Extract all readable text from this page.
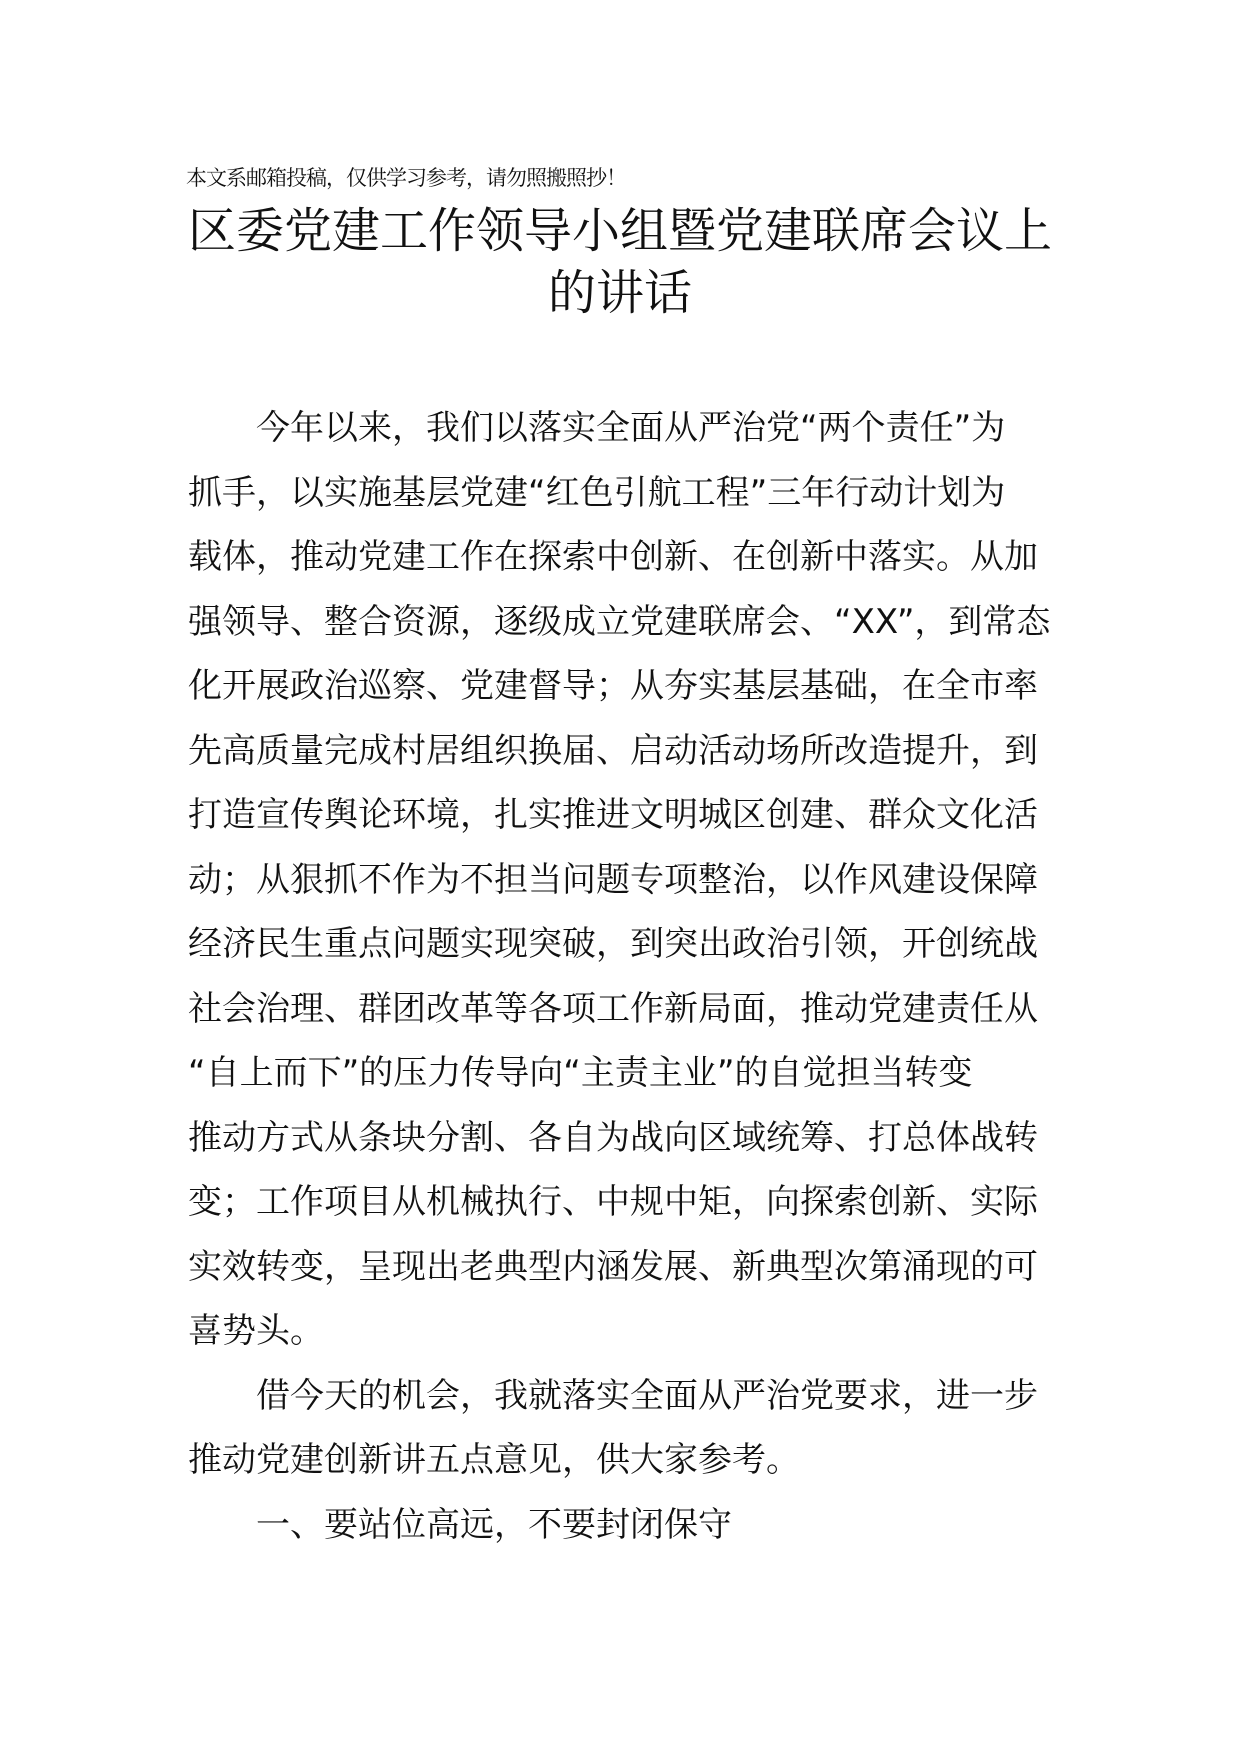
本文系邮箱投稿，仅供学习参考，请勿照搬照抄！
区委党建工作领导小组暨党建联席会议上
的讲话
今年以来，我们以落实全面从严治党“两个责任”为
抓手，以实施基层党建“红色引航工程”三年行动计划为
载体，推动党建工作在探索中创新、在创新中落实。从加
强领导、整合资源，逐级成立党建联席会、“XX”，到常态
化开展政治巡察、党建督导；从夯实基层基础，在全市率
先高质量完成村居组织换届、启动活动场所改造提升，到
打造宣传舆论环境，扎实推进文明城区创建、群众文化活
动；从狠抓不作为不担当问题专项整治，以作风建设保障
经济民生重点问题实现突破，到突出政治引领，开创统战
社会治理、群团改革等各项工作新局面，推动党建责任从
“自上而下”的压力传导向“主责主业”的自觉担当转变
推动方式从条块分割、各自为战向区域统筹、打总体战转
变；工作项目从机械执行、中规中矩，向探索创新、实际
实效转变，呈现出老典型内涵发展、新典型次第涌现的可
喜势头。
借今天的机会，我就落实全面从严治党要求，进一步
推动党建创新讲五点意见，供大家参考。
一、要站位高远，不要封闭保守
